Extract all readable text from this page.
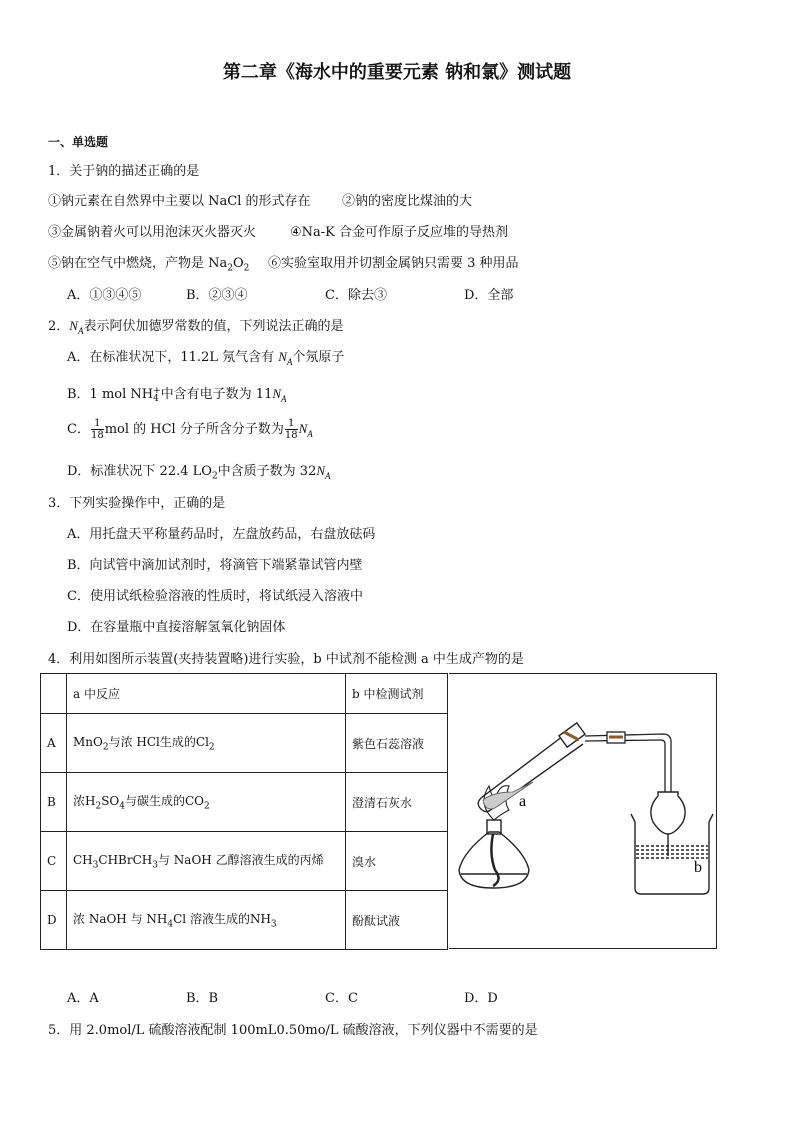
第二章《海水中的重要元素 钠和氯》测试题
一、单选题
1．关于钠的描述正确的是
①钠元素在自然界中主要以 NaCl 的形式存在 ②钠的密度比煤油的大
③金属钠着火可以用泡沫灭火器灭火	④Na-K 合金可作原子反应堆的导热剂
⑤钠在空气中燃烧，产物是 $Na_2O_2$ ⑥实验室取用并切割金属钠只需要 3 种用品
A．①③④⑤	B．②③④	C．除去③	D．全部
2．$N_A$表示阿伏加德罗常数的值，下列说法正确的是
A．在标准状况下，11.2L 氖气含有 $N_A$个氖原子
B．1 mol NH +
4 中含有电子数为 $11N_A$
C． $\frac{1}{18}$ mol 的 HCl 分子所含分子数为 $\frac{1}{18} N_A$
D．标准状况下 22.4 $LO_2$中含质子数为 $32N_A$
3．下列实验操作中，正确的是
A．用托盘天平称量药品时，左盘放药品，右盘放砝码
B．向试管中滴加试剂时，将滴管下端紧靠试管内壁
C．使用试纸检验溶液的性质时，将试纸浸入溶液中
D．在容量瓶中直接溶解氢氧化钠固体
4．利用如图所示装置(夹持装置略)进行实验，b 中试剂不能检测 a 中生成产物的是
	a 中反应	b 中检测试剂
A	MnO$_2$与浓 HCl生成的$Cl_2$	紫色石蕊溶液
B	浓$H_2SO_4$与碳生成的$CO_2$	澄清石灰水
C	$CH_3CHBrCH_3$与 NaOH 乙醇溶液生成的丙烯	溴水
D	浓 NaOH 与 $NH_4Cl$ 溶液生成的$NH_3$	酚酞试液
a
b
A．A	B．B	C．C	D．D
5．用 2.0mol/L 硫酸溶液配制 100mL0.50mo/L 硫酸溶液，下列仪器中不需要的是
